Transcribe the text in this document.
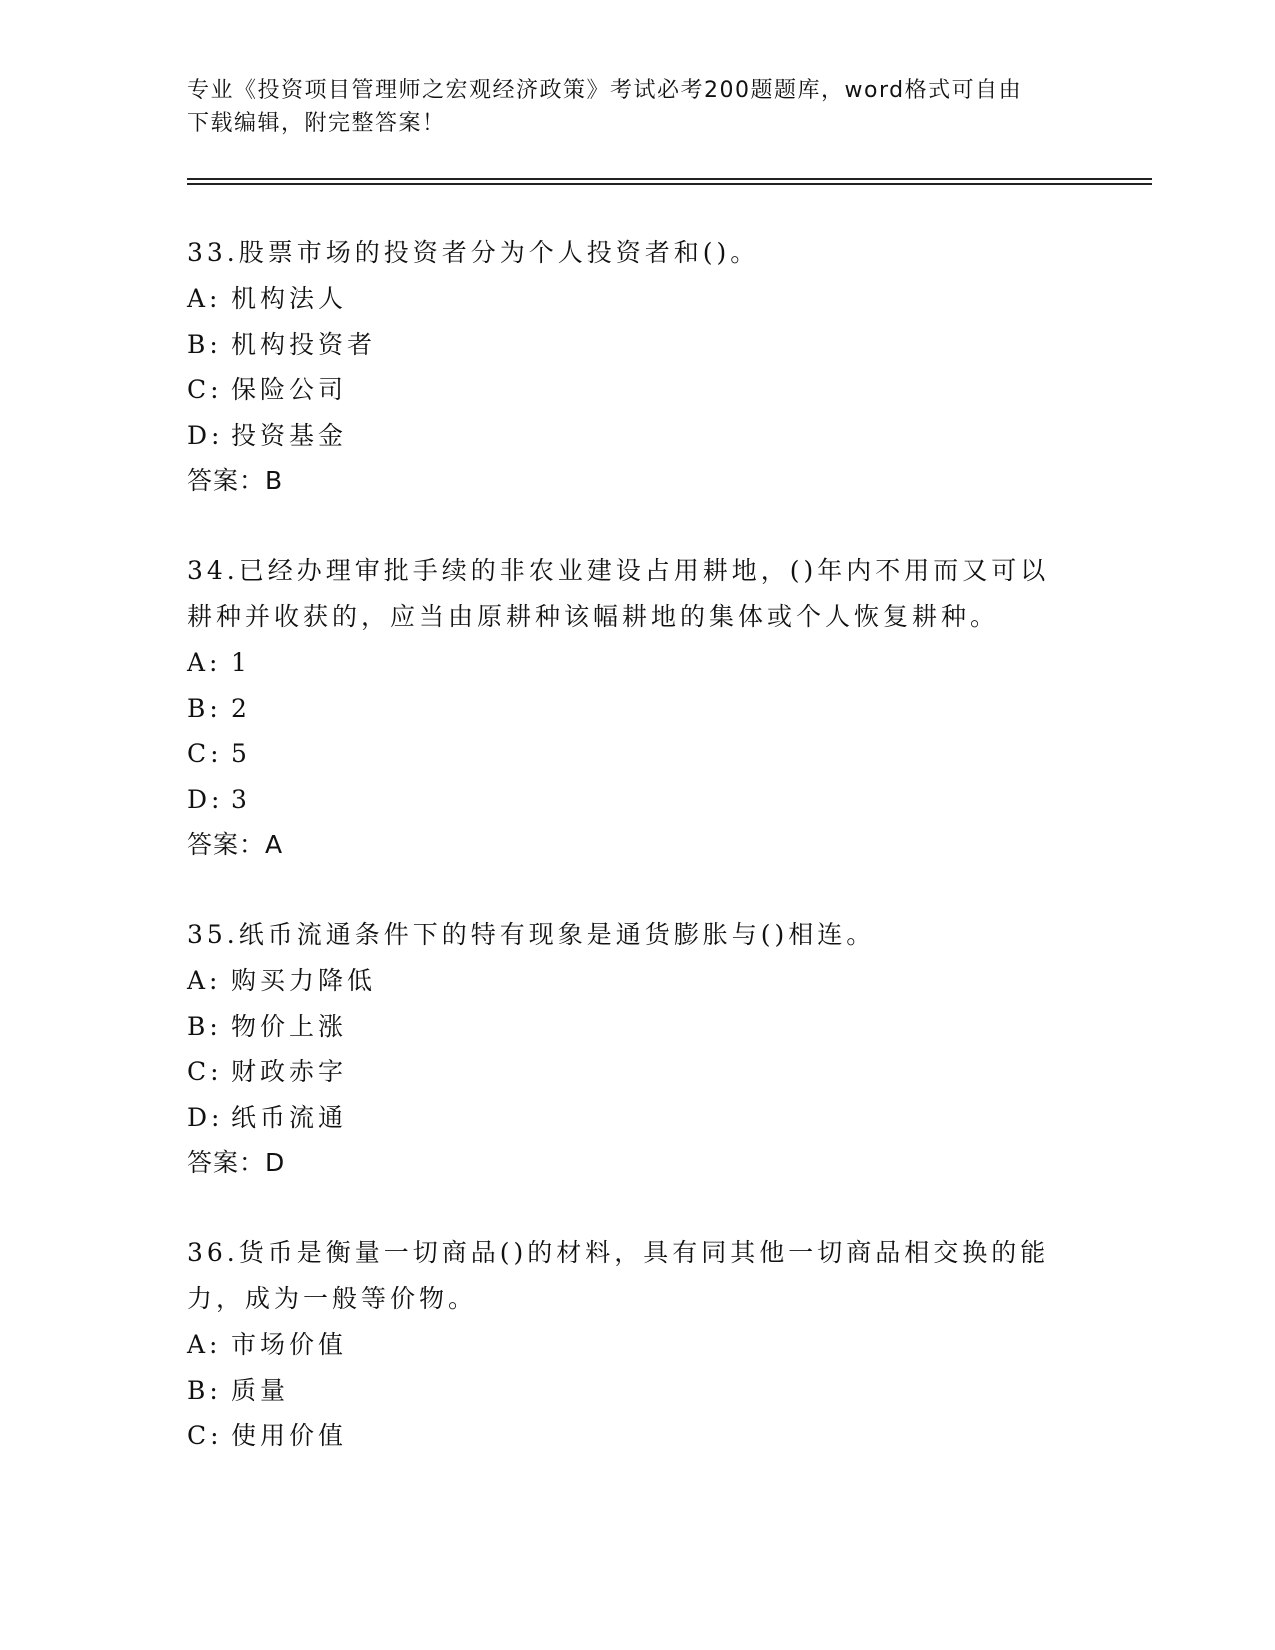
专业《投资项目管理师之宏观经济政策》考试必考200题题库，word格式可自由
下载编辑，附完整答案！

33.股票市场的投资者分为个人投资者和()。

A: 机构法人
B: 机构投资者
C: 保险公司
D: 投资基金
答案：B

34.已经办理审批手续的非农业建设占用耕地，()年内不用而又可以耕种并收获的，应当由原耕种该幅耕地的集体或个人恢复耕种。

A: 1
B: 2
C: 5
D: 3
答案：A

35.纸币流通条件下的特有现象是通货膨胀与()相连。

A: 购买力降低
B: 物价上涨
C: 财政赤字
D: 纸币流通
答案：D

36.货币是衡量一切商品()的材料，具有同其他一切商品相交换的能力，成为一般等价物。

A: 市场价值
B: 质量
C: 使用价值
